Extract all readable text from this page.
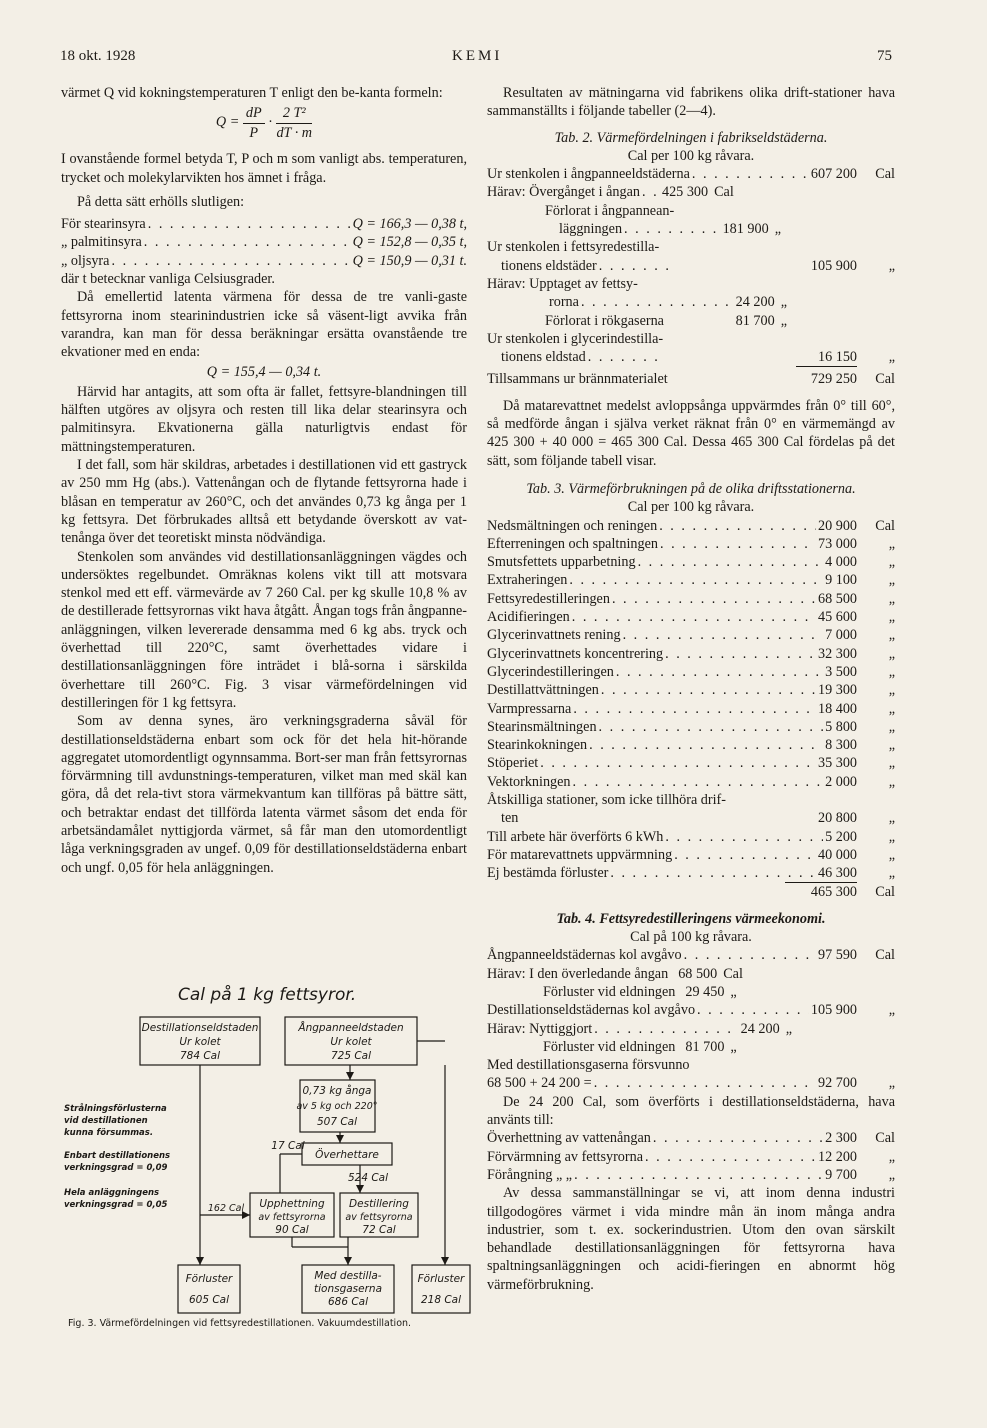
18 okt. 1928	KEMI	75

värmet Q vid kokningstemperaturen T enligt den be-kanta formeln:

$Q = \frac{dP}{P} \cdot \frac{\text{2 T²}}{dT \cdot m}$

I ovanstående formel betyda T, P och m som vanligt abs. temperaturen, trycket och molekylarvikten hos ämnet i fråga.

På detta sätt erhölls slutligen:

För stearinsyra . . .	Q = 166,3 — 0,38 t,
„ palmitinsyra . . .	Q = 152,8 — 0,35 t,
„ oljsyra . . .	Q = 150,9 — 0,31 t.

där t betecknar vanliga Celsiusgrader.

Då emellertid latenta värmena för dessa de tre vanli-gaste fettsyrorna inom stearinindustrien icke så väsent-ligt avvika från varandra, kan man för dessa beräkningar ersätta ovanstående tre ekvationer med en enda:

Q = 155,4 — 0,34 t.

Härvid har antagits, att som ofta är fallet, fettsyre-blandningen till hälften utgöres av oljsyra och resten till lika delar stearinsyra och palmitinsyra. Ekvationerna gälla naturligtvis endast för mättningstemperaturen.

I det fall, som här skildras, arbetades i destillationen vid ett gastryck av 250 mm Hg (abs.). Vattenångan och de flytande fettsyrorna hade i blåsan en temperatur av 260°C, och det användes 0,73 kg ånga per 1 kg fettsyra. Det förbrukades alltså ett betydande överskott av vat-tenånga över det teoretiskt minsta nödvändiga.

Stenkolen som användes vid destillationsanläggningen vägdes och undersöktes regelbundet. Omräknas kolens vikt till att motsvara stenkol med ett eff. värmevärde av 7 260 Cal. per kg skulle 10,8 % av de destillerade fettsyrornas vikt hava åtgått. Ångan togs från ångpanne-anläggningen, vilken levererade densamma med 6 kg abs. tryck och överhettad till 220°C, samt överhettades vidare i destillationsanläggningen före inträdet i blå-sorna i särskilda överhettare till 260°C. Fig. 3 visar värmefördelningen vid destilleringen för 1 kg fettsyra.

Som av denna synes, äro verkningsgraderna såväl för destillationseldstäderna enbart som ock för det hela hit-hörande aggregatet utomordentligt ogynnsamma. Bort-ser man från fettsyrornas förvärmning till avdunstnings-temperaturen, vilket man med skäl kan göra, då det rela-tivt stora värmekvantum kan tillföras på bättre sätt, och betraktar endast det tillförda latenta värmet såsom det enda för arbetsändamålet nyttigjorda värmet, så får man den utomordentligt låga verkningsgraden av ungef. 0,09 för destillationseldstäderna enbart och ungf. 0,05 för hela anläggningen.

Cal på 1 kg fettsyror.
Destillationseldstaden
Ur kolet
784 Cal
Ångpanneeldstaden
Ur kolet
725 Cal
0,73 kg ånga
av 5 kg och 220°
507 Cal
Överhettare
Upphettning
av fettsyrorna
90 Cal
Destillering
av fettsyrorna
72 Cal
Förluster
605 Cal
Med destilla-
tionsgaserna
686 Cal
Förluster
218 Cal
17 Cal
524 Cal
162 Cal
Strålningsförlusterna
vid destillationen
kunna försummas.
Enbart destillationens
verkningsgrad = 0,09
Hela anläggningens
verkningsgrad = 0,05
Fig. 3. Värmefördelningen vid fettsyredestillationen. Vakuumdestillation.

Resultaten av mätningarna vid fabrikens olika drift-stationer hava sammanställts i följande tabeller (2—4).

Tab. 2. Värmefördelningen i fabrikseldstäderna.
Cal per 100 kg råvara.
Ur stenkolen i ångpanneeldstäderna . . .	607 200	Cal
Härav: Övergånget i ångan . . . 425 300 Cal
Förlorat i ångpannean-
läggningen . . .	181 900 „
Ur stenkolen i fettsyredestilla-
tionens eldstäder . . .	105 900	„
Härav: Upptaget av fettsy-
rorna . . .	24 200 „
Förlorat i rökgaserna	81 700 „
Ur stenkolen i glycerindestilla-
tionens eldstad . . .	16 150	„
Tillsammans ur brännmaterialet	729 250	Cal

Då matarevattnet medelst avloppsånga uppvärmdes från 0° till 60°, så medförde ångan i själva verket räknat från 0° en värmemängd av 425 300 + 40 000 = 465 300 Cal. Dessa 465 300 Cal fördelas på det sätt, som följande tabell visar.

Tab. 3. Värmeförbrukningen på de olika driftsstationerna.
Cal per 100 kg råvara.
Nedsmältningen och reningen . . .	20 900	Cal
Efterreningen och spaltningen . . .	73 000	„
Smutsfettets upparbetning . . .	4 000	„
Extraheringen . . .	9 100	„
Fettsyredestilleringen . . .	68 500	„
Acidifieringen . . .	45 600	„
Glycerinvattnets rening . . .	7 000	„
Glycerinvattnets koncentrering . . .	32 300	„
Glycerindestilleringen . . .	3 500	„
Destillattvättningen . . .	19 300	„
Varmpressarna . . .	18 400	„
Stearinsmältningen . . .	5 800	„
Stearinkokningen . . .	8 300	„
Stöperiet . . .	35 300	„
Vektorkningen . . .	2 000	„
Åtskilliga stationer, som icke tillhöra drif-
ten	20 800	„
Till arbete här överförts 6 kWh . . .	5 200	„
För matarevattnets uppvärmning . . .	40 000	„
Ej bestämda förluster . . .	46 300	„
465 300	Cal
Tab. 4. Fettsyredestilleringens värmeekonomi.
Cal på 100 kg råvara.
Ångpanneeldstädernas kol avgåvo . . .	97 590	Cal
Härav: I den överledande ångan 68 500 Cal
Förluster vid eldningen 29 450 „
Destillationseldstädernas kol avgåvo . . .	105 900	„
Härav: Nyttiggjort . . .	24 200 „
Förluster vid eldningen 81 700 „
Med destillationsgaserna försvunno
68 500 + 24 200 = . . .	92 700	„

De 24 200 Cal, som överförts i destillationseldstäderna, hava använts till:

Överhettning av vattenångan . . .	2 300	Cal
Förvärmning av fettsyrorna . . .	12 200	„
Förångning „ „ . . .	9 700	„

Av dessa sammanställningar se vi, att inom denna industri tillgodogöres värmet i vida mindre mån än inom många andra industrier, som t. ex. sockerindustrien. Utom den ovan särskilt behandlade destillationsanläggningen för fettsyrorna hava spaltningsanläggningen och acidi-fieringen en abnormt hög värmeförbrukning.
